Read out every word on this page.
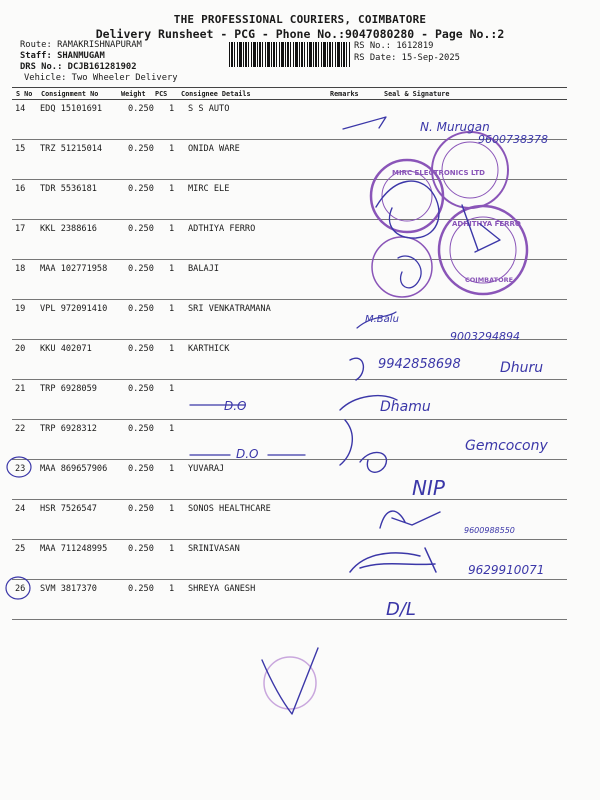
THE PROFESSIONAL COURIERS, COIMBATORE
Delivery Runsheet - PCG - Phone No.:9047080280 - Page No.:2
Route: RAMAKRISHNAPURAM
Staff: SHANMUGAM
DRS No.: DCJB161281902
Vehicle: Two Wheeler Delivery
RS No.: 1612819
RS Date: 15-Sep-2025
S No Consignment No	Weight PCS Consignee Details	Remarks	Seal & Signature
14 EDQ 15101691	0.250 1 S S AUTO
15 TRZ 51215014	0.250 1 ONIDA WARE
16 TDR 5536181	0.250 1 MIRC ELE
17 KKL 2388616	0.250 1 ADTHIYA FERRO
18 MAA 102771958 0.250 1 BALAJI
19 VPL 972091410 0.250 1 SRI VENKATRAMANA
20 KKU 402071	0.250 1 KARTHICK
21 TRP 6928059	0.250 1
22 TRP 6928312	0.250 1
23 MAA 869657906 0.250 1 YUVARAJ
24 HSR 7526547	0.250 1 SONOS HEALTHCARE
25 MAA 711248995 0.250 1 SRINIVASAN
26 SVM 3817370	0.250 1 SHREYA GANESH
MIRC ELECTRONICS LTD
ADHITHYA FERRO
COIMBATORE
N. Murugan
9600738378
M.Balu
9003294894
9942858698	Dhuru
D.O	Dhamu
D.O	Gemcocony
NIP
9600988550
9629910071
D/L
